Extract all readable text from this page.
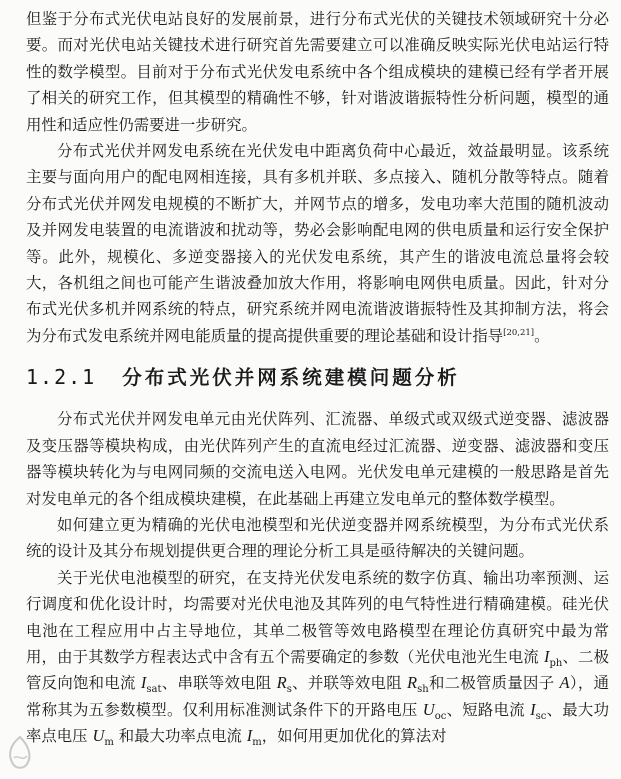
但鉴于分布式光伏电站良好的发展前景，进行分布式光伏的关键技术领域研究十分必要。而对光伏电站关键技术进行研究首先需要建立可以准确反映实际光伏电站运行特性的数学模型。目前对于分布式光伏发电系统中各个组成模块的建模已经有学者开展了相关的研究工作，但其模型的精确性不够，针对谐波谐振特性分析问题，模型的通用性和适应性仍需要进一步研究。

分布式光伏并网发电系统在光伏发电中距离负荷中心最近，效益最明显。该系统主要与面向用户的配电网相连接，具有多机并联、多点接入、随机分散等特点。随着分布式光伏并网发电规模的不断扩大，并网节点的增多，发电功率大范围的随机波动及并网发电装置的电流谐波和扰动等，势必会影响配电网的供电质量和运行安全保护等。此外，规模化、多逆变器接入的光伏发电系统，其产生的谐波电流总量将会较大，各机组之间也可能产生谐波叠加放大作用，将影响电网供电质量。因此，针对分布式光伏多机并网系统的特点，研究系统并网电流谐波谐振特性及其抑制方法，将会为分布式发电系统并网电能质量的提高提供重要的理论基础和设计指导[20,21]。

1.2.1 分布式光伏并网系统建模问题分析

分布式光伏并网发电单元由光伏阵列、汇流器、单级式或双级式逆变器、滤波器及变压器等模块构成，由光伏阵列产生的直流电经过汇流器、逆变器、滤波器和变压器等模块转化为与电网同频的交流电送入电网。光伏发电单元建模的一般思路是首先对发电单元的各个组成模块建模，在此基础上再建立发电单元的整体数学模型。

如何建立更为精确的光伏电池模型和光伏逆变器并网系统模型，为分布式光伏系统的设计及其分布规划提供更合理的理论分析工具是亟待解决的关键问题。

关于光伏电池模型的研究，在支持光伏发电系统的数字仿真、输出功率预测、运行调度和优化设计时，均需要对光伏电池及其阵列的电气特性进行精确建模。硅光伏电池在工程应用中占主导地位，其单二极管等效电路模型在理论仿真研究中最为常用，由于其数学方程表达式中含有五个需要确定的参数（光伏电池光生电流 $I_{ph}$、二极管反向饱和电流 $I_{sat}$、串联等效电阻 $R_s$、并联等效电阻 $R_{sh}$和二极管质量因子 A），通常称其为五参数模型。仅利用标准测试条件下的开路电压 $U_{oc}$、短路电流 $I_{sc}$、最大功率点电压 $U_m$ 和最大功率点电流 $I_m$，如何用更加优化的算法对
